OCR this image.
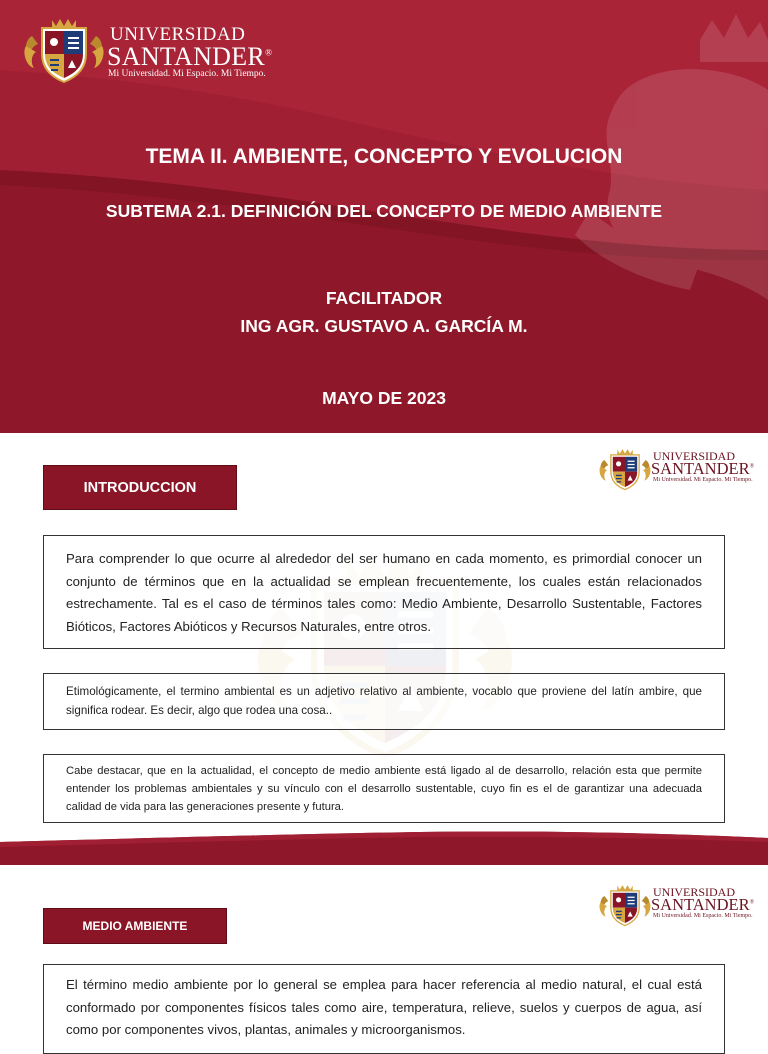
UNIVERSIDAD
SANTANDER®
Mi Universidad. Mi Espacio. Mi Tiempo.
TEMA II. AMBIENTE, CONCEPTO Y EVOLUCION
SUBTEMA 2.1. DEFINICIÓN DEL CONCEPTO DE MEDIO AMBIENTE
FACILITADOR
ING AGR. GUSTAVO A. GARCÍA M.
MAYO DE 2023
UNIVERSIDAD
SANTANDER®
Mi Universidad. Mi Espacio. Mi Tiempo.
INTRODUCCION
Para comprender lo que ocurre al alrededor del ser humano en cada momento, es primordial conocer un conjunto de términos que en la actualidad se emplean frecuentemente, los cuales están relacionados estrechamente. Tal es el caso de términos tales como: Medio Ambiente, Desarrollo Sustentable, Factores Bióticos, Factores Abióticos y Recursos Naturales, entre otros.
Etimológicamente, el termino ambiental es un adjetivo relativo al ambiente, vocablo que proviene del latín ambire, que significa rodear. Es decir, algo que rodea una cosa..
Cabe destacar, que en la actualidad, el concepto de medio ambiente está ligado al de desarrollo, relación esta que permite entender los problemas ambientales y su vínculo con el desarrollo sustentable, cuyo fin es el de garantizar una adecuada calidad de vida para las generaciones presente y futura.
UNIVERSIDAD
SANTANDER®
Mi Universidad. Mi Espacio. Mi Tiempo.
MEDIO AMBIENTE
El término medio ambiente por lo general se emplea para hacer referencia al medio natural, el cual está conformado por componentes físicos tales como aire, temperatura, relieve, suelos y cuerpos de agua, así como por componentes vivos, plantas, animales y microorganismos.
